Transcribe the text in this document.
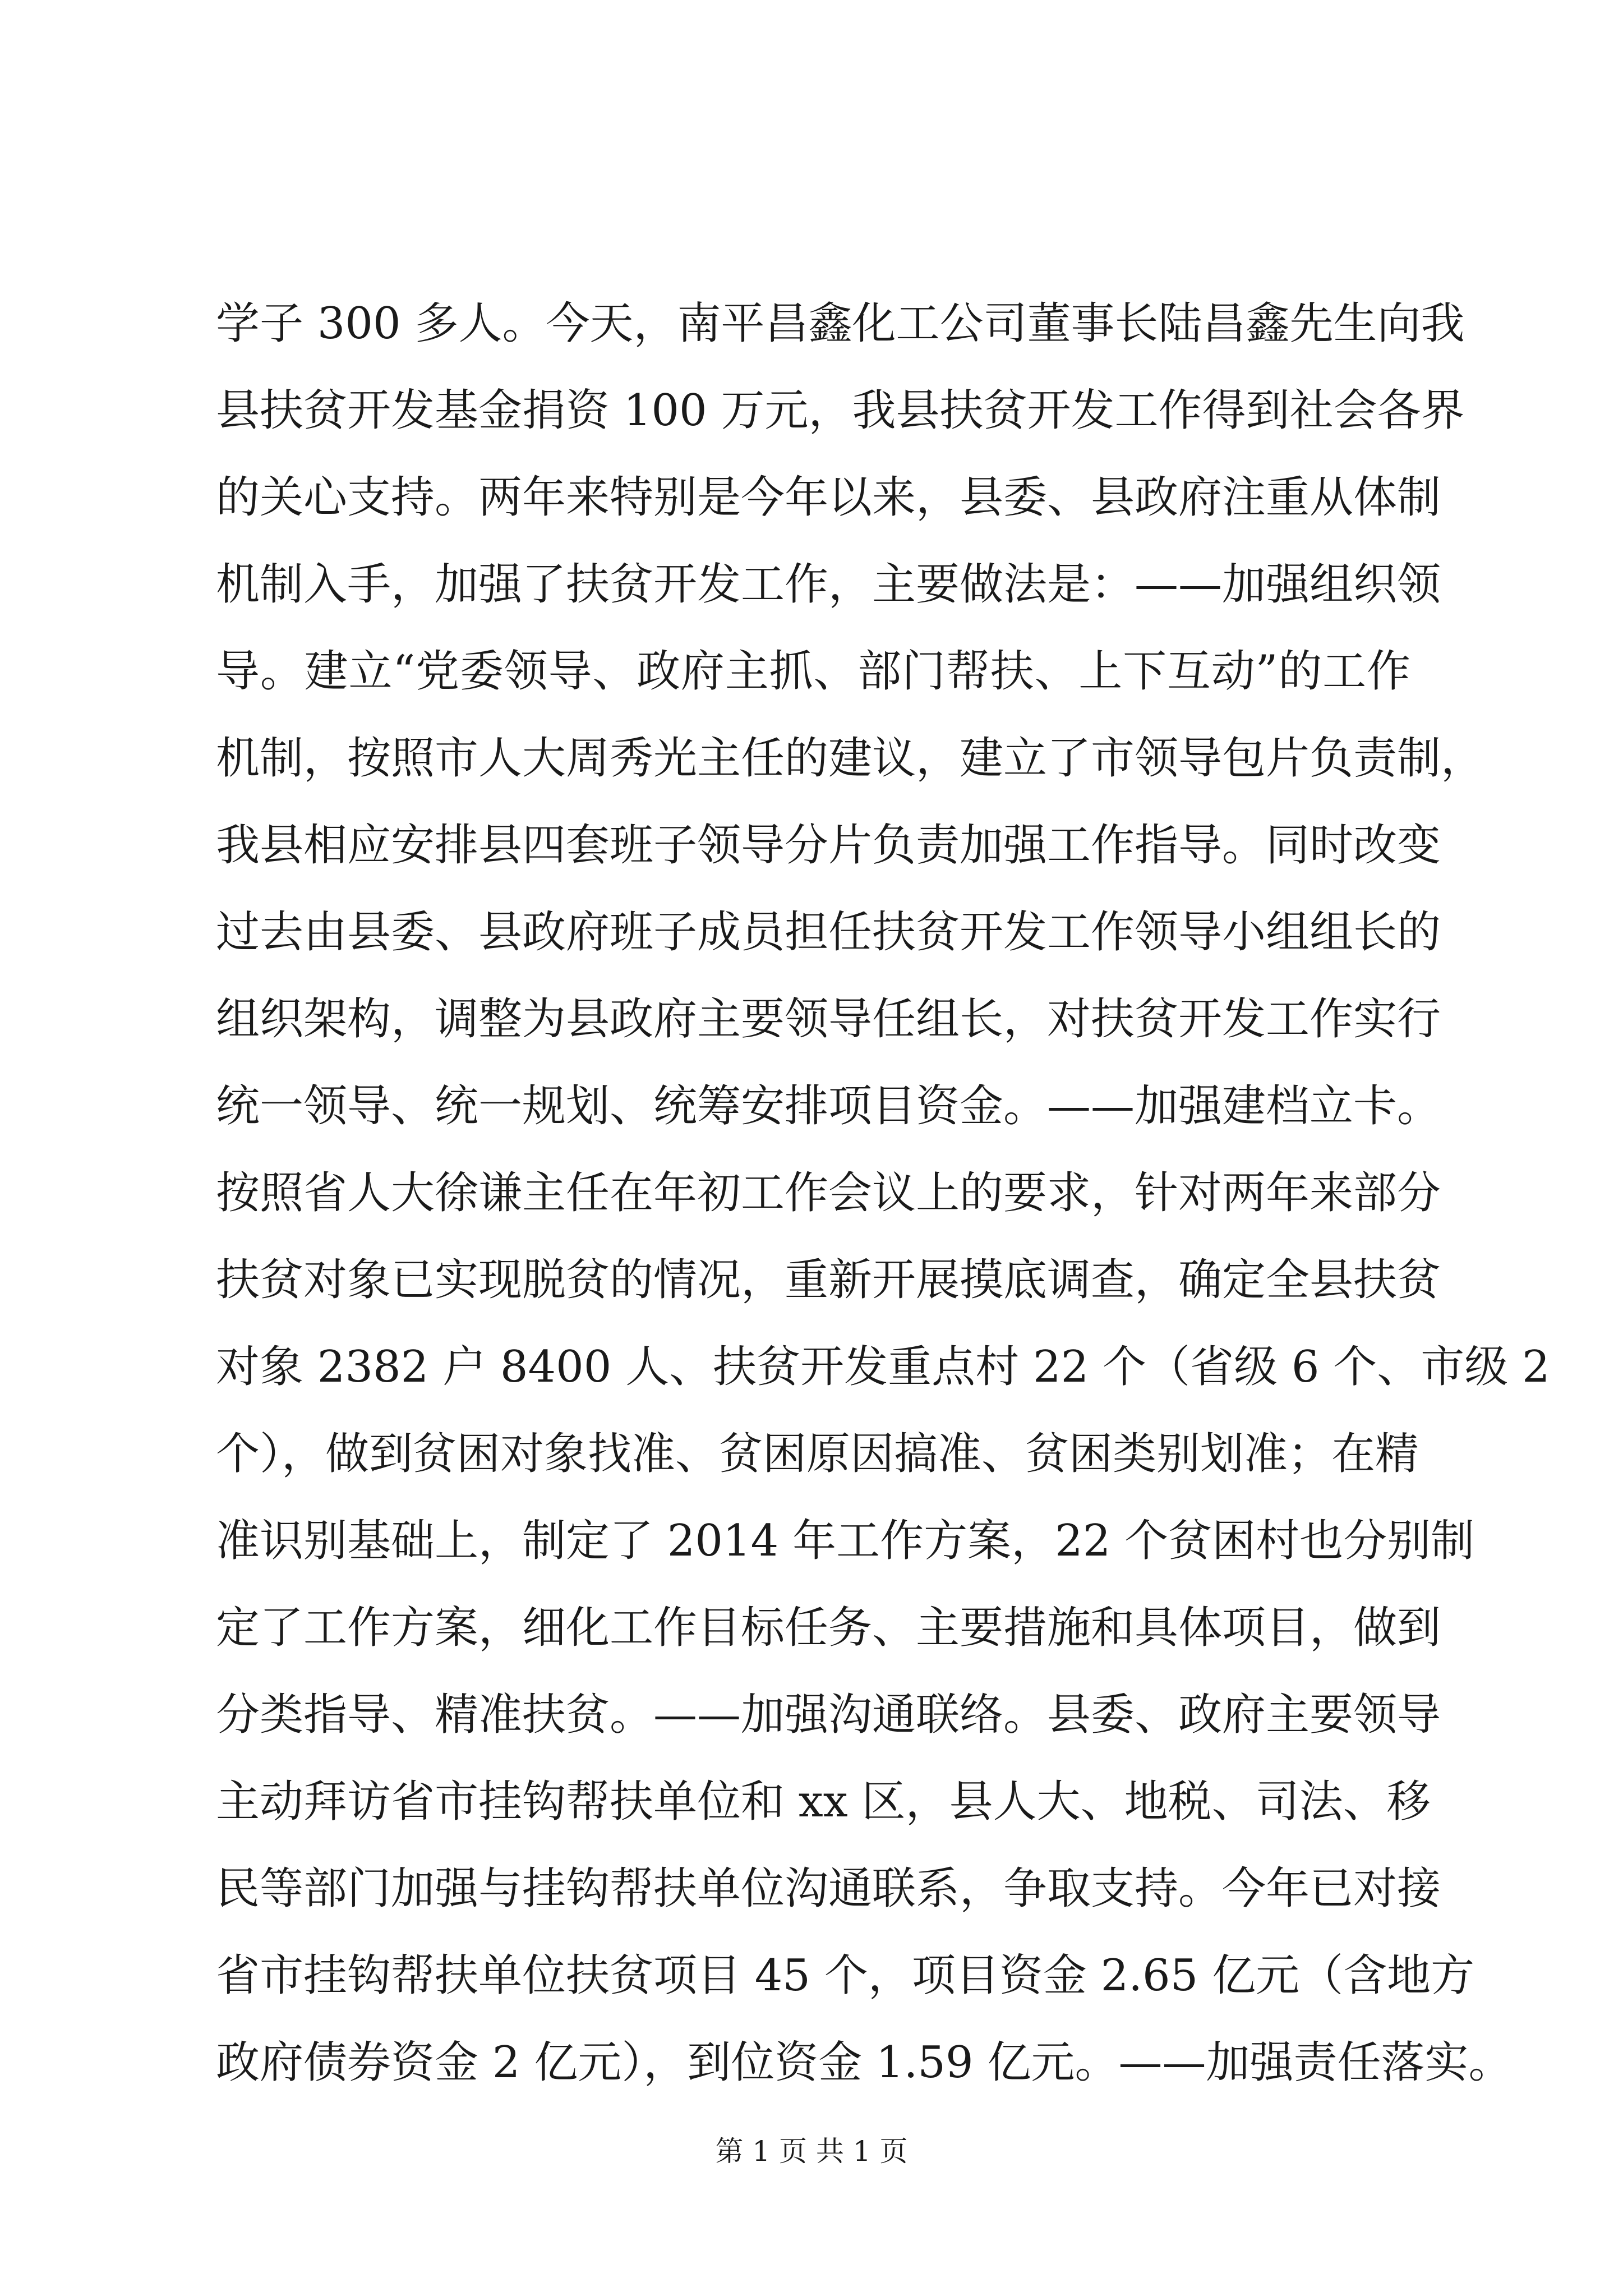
学子 300 多人。今天，南平昌鑫化工公司董事长陆昌鑫先生向我
县扶贫开发基金捐资 100 万元，我县扶贫开发工作得到社会各界
的关心支持。两年来特别是今年以来，县委、县政府注重从体制
机制入手，加强了扶贫开发工作，主要做法是：——加强组织领
导。建立“党委领导、政府主抓、部门帮扶、上下互动”的工作
机制，按照市人大周秀光主任的建议，建立了市领导包片负责制，
我县相应安排县四套班子领导分片负责加强工作指导。同时改变
过去由县委、县政府班子成员担任扶贫开发工作领导小组组长的
组织架构，调整为县政府主要领导任组长，对扶贫开发工作实行
统一领导、统一规划、统筹安排项目资金。——加强建档立卡。
按照省人大徐谦主任在年初工作会议上的要求，针对两年来部分
扶贫对象已实现脱贫的情况，重新开展摸底调查，确定全县扶贫
对象 2382 户 8400 人、扶贫开发重点村 22 个（省级 6 个、市级 2
个），做到贫困对象找准、贫困原因搞准、贫困类别划准；在精
准识别基础上，制定了 2014 年工作方案，22 个贫困村也分别制
定了工作方案，细化工作目标任务、主要措施和具体项目，做到
分类指导、精准扶贫。——加强沟通联络。县委、政府主要领导
主动拜访省市挂钩帮扶单位和 xx 区，县人大、地税、司法、移
民等部门加强与挂钩帮扶单位沟通联系，争取支持。今年已对接
省市挂钩帮扶单位扶贫项目 45 个，项目资金 2.65 亿元（含地方
政府债券资金 2 亿元），到位资金 1.59 亿元。——加强责任落实。
第 1 页 共 1 页
